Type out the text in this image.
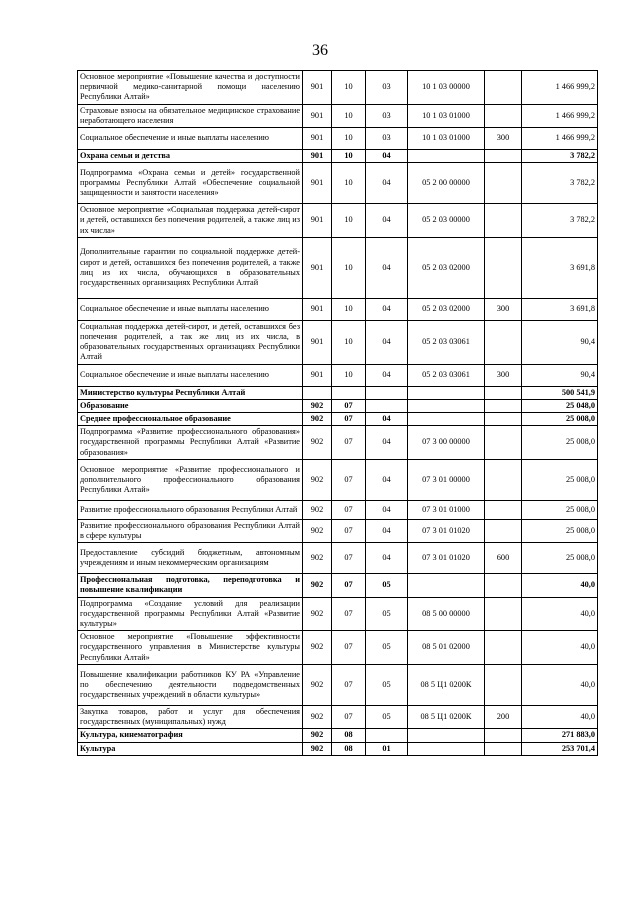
36
Основное мероприятие «Повышение качества и доступности первичной медико-санитарной помощи населению Республики Алтай»	901	10	03	10 1 03 00000		1 466 999,2
Страховые взносы на обязательное медицинское страхование неработающего населения	901	10	03	10 1 03 01000		1 466 999,2
Социальное обеспечение и иные выплаты населению	901	10	03	10 1 03 01000	300	1 466 999,2
Охрана семьи и детства	901	10	04			3 782,2
Подпрограмма «Охрана семьи и детей» государственной программы Республики Алтай «Обеспечение социальной защищенности и занятости населения»	901	10	04	05 2 00 00000		3 782,2
Основное мероприятие «Социальная поддержка детей-сирот и детей, оставшихся без попечения родителей, а также лиц из их числа»	901	10	04	05 2 03 00000		3 782,2
Дополнительные гарантии по социальной поддержке детей-сирот и детей, оставшихся без попечения родителей, а также лиц из их числа, обучающихся в образовательных государственных организациях Республики Алтай	901	10	04	05 2 03 02000		3 691,8
Социальное обеспечение и иные выплаты населению	901	10	04	05 2 03 02000	300	3 691,8
Социальная поддержка детей-сирот, и детей, оставшихся без попечения родителей, а так же лиц из их числа, в образовательных государственных организациях Республики Алтай	901	10	04	05 2 03 03061		90,4
Социальное обеспечение и иные выплаты населению	901	10	04	05 2 03 03061	300	90,4
Министерство культуры Республики Алтай						500 541,9
Образование	902	07				25 048,0
Среднее профессиональное образование	902	07	04			25 008,0
Подпрограмма «Развитие профессионального образования» государственной программы Республики Алтай «Развитие образования»	902	07	04	07 3 00 00000		25 008,0
Основное мероприятие «Развитие профессионального и дополнительного профессионального образования Республики Алтай»	902	07	04	07 3 01 00000		25 008,0
Развитие профессионального образования Республики Алтай	902	07	04	07 3 01 01000		25 008,0
Развитие профессионального образования Республики Алтай в сфере культуры	902	07	04	07 3 01 01020		25 008,0
Предоставление субсидий бюджетным, автономным учреждениям и иным некоммерческим организациям	902	07	04	07 3 01 01020	600	25 008,0
Профессиональная подготовка, переподготовка и повышение квалификации	902	07	05			40,0
Подпрограмма «Создание условий для реализации государственной программы Республики Алтай «Развитие культуры»	902	07	05	08 5 00 00000		40,0
Основное мероприятие «Повышение эффективности государственного управления в Министерстве культуры Республики Алтай»	902	07	05	08 5 01 02000		40,0
Повышение квалификации работников КУ РА «Управление по обеспечению деятельности подведомственных государственных учреждений в области культуры»	902	07	05	08 5 Ц1 0200К		40,0
Закупка товаров, работ и услуг для обеспечения государственных (муниципальных) нужд	902	07	05	08 5 Ц1 0200К	200	40,0
Культура, кинематография	902	08				271 883,0
Культура	902	08	01			253 701,4
